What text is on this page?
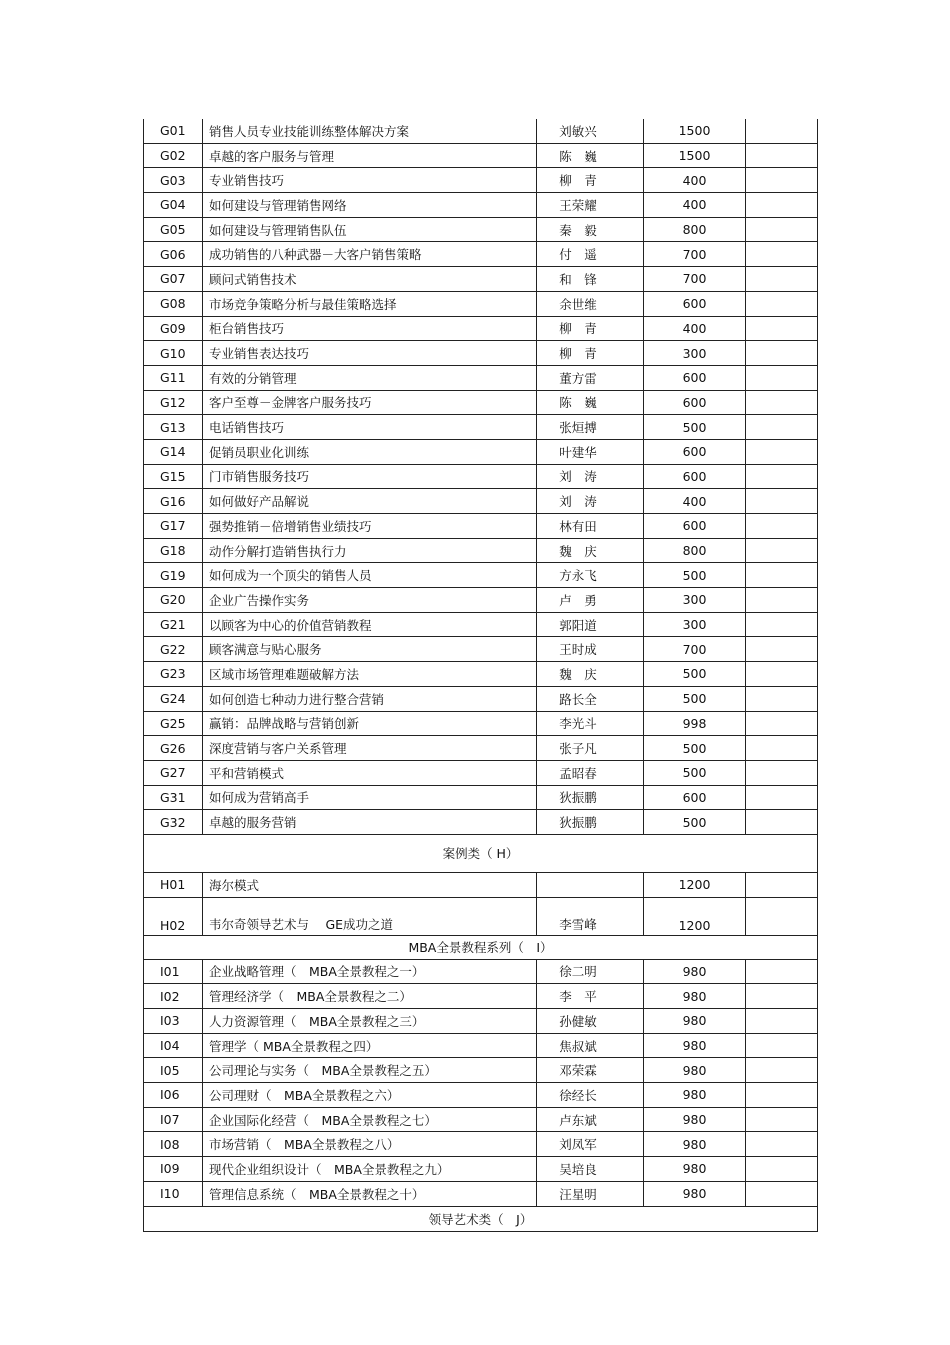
G01	销售人员专业技能训练整体解决方案	刘敏兴	1500	
G02	卓越的客户服务与管理	陈　巍	1500	
G03	专业销售技巧	柳　青	400	
G04	如何建设与管理销售网络	王荣耀	400	
G05	如何建设与管理销售队伍	秦　毅	800	
G06	成功销售的八种武器－大客户销售策略	付　遥	700	
G07	顾问式销售技术	和　锋	700	
G08	市场竞争策略分析与最佳策略选择	余世维	600	
G09	柜台销售技巧	柳　青	400	
G10	专业销售表达技巧	柳　青	300	
G11	有效的分销管理	董方雷	600	
G12	客户至尊－金牌客户服务技巧	陈　巍	600	
G13	电话销售技巧	张烜搏	500	
G14	促销员职业化训练	叶建华	600	
G15	门市销售服务技巧	刘　涛	600	
G16	如何做好产品解说	刘　涛	400	
G17	强势推销－倍增销售业绩技巧	林有田	600	
G18	动作分解打造销售执行力	魏　庆	800	
G19	如何成为一个顶尖的销售人员	方永飞	500	
G20	企业广告操作实务	卢　勇	300	
G21	以顾客为中心的价值营销教程	郭阳道	300	
G22	顾客满意与贴心服务	王时成	700	
G23	区域市场管理难题破解方法	魏　庆	500	
G24	如何创造七种动力进行整合营销	路长全	500	
G25	赢销：品牌战略与营销创新	李光斗	998	
G26	深度营销与客户关系管理	张子凡	500	
G27	平和营销模式	孟昭春	500	
G31	如何成为营销高手	狄振鹏	600	
G32	卓越的服务营销	狄振鹏	500	
案例类（ H）				
H01	海尔模式		1200	
H02	韦尔奇领导艺术与　 GE成功之道	李雪峰	1200	
MBA全景教程系列（　I）				
I01	企业战略管理（　MBA全景教程之一）	徐二明	980	
I02	管理经济学（　MBA全景教程之二）	李　平	980	
I03	人力资源管理（　MBA全景教程之三）	孙健敏	980	
I04	管理学（ MBA全景教程之四）	焦叔斌	980	
I05	公司理论与实务（　MBA全景教程之五）	邓荣霖	980	
I06	公司理财（　MBA全景教程之六）	徐经长	980	
I07	企业国际化经营（　MBA全景教程之七）	卢东斌	980	
I08	市场营销（　MBA全景教程之八）	刘凤军	980	
I09	现代企业组织设计（　MBA全景教程之九）	吴培良	980	
I10	管理信息系统（　MBA全景教程之十）	汪星明	980	
领导艺术类（　J）				
